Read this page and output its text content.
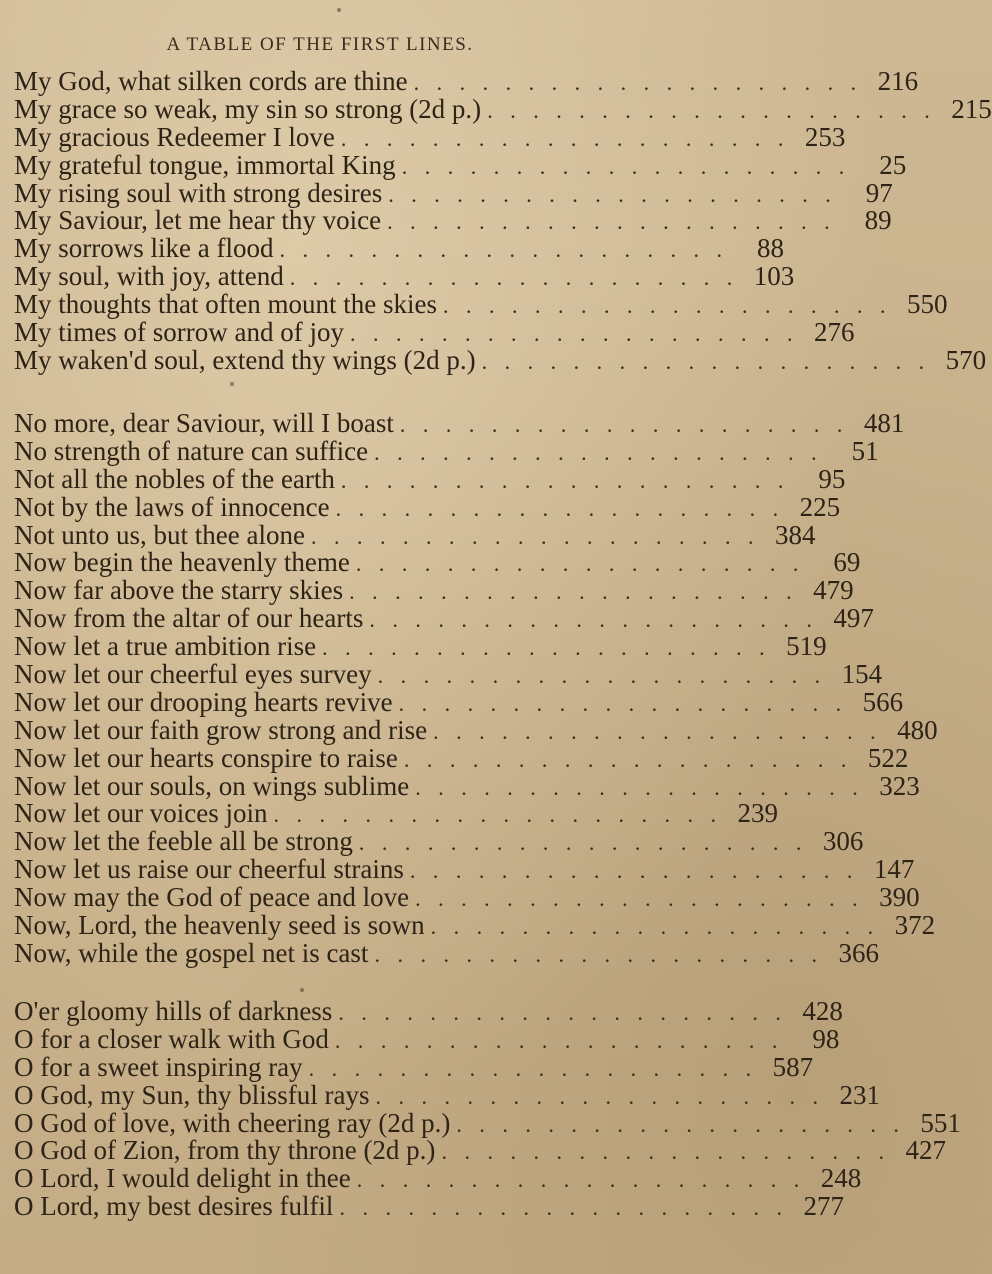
A TABLE OF THE FIRST LINES.
My God, what silken cords are thine . . . . . . . . . . . . . . . . . . . . 216
My grace so weak, my sin so strong (2d p.) . . . . . . . . . . . . . . . . . . . . 215
My gracious Redeemer I love . . . . . . . . . . . . . . . . . . . . 253
My grateful tongue, immortal King . . . . . . . . . . . . . . . . . . . .	25
My rising soul with strong desires . . . . . . . . . . . . . . . . . . . .	97
My Saviour, let me hear thy voice . . . . . . . . . . . . . . . . . . . .	89
My sorrows like a flood . . . . . . . . . . . . . . . . . . . .	88
My soul, with joy, attend . . . . . . . . . . . . . . . . . . . . 103
My thoughts that often mount the skies . . . . . . . . . . . . . . . . . . . . 550
My times of sorrow and of joy . . . . . . . . . . . . . . . . . . . . 276
My waken'd soul, extend thy wings (2d p.) . . . . . . . . . . . . . . . . . . . . 570
No more, dear Saviour, will I boast . . . . . . . . . . . . . . . . . . . . 481
No strength of nature can suffice . . . . . . . . . . . . . . . . . . . .	51
Not all the nobles of the earth . . . . . . . . . . . . . . . . . . . .	95
Not by the laws of innocence . . . . . . . . . . . . . . . . . . . . 225
Not unto us, but thee alone . . . . . . . . . . . . . . . . . . . . 384
Now begin the heavenly theme . . . . . . . . . . . . . . . . . . . .	69
Now far above the starry skies . . . . . . . . . . . . . . . . . . . . 479
Now from the altar of our hearts . . . . . . . . . . . . . . . . . . . . 497
Now let a true ambition rise . . . . . . . . . . . . . . . . . . . . 519
Now let our cheerful eyes survey . . . . . . . . . . . . . . . . . . . . 154
Now let our drooping hearts revive . . . . . . . . . . . . . . . . . . . . 566
Now let our faith grow strong and rise . . . . . . . . . . . . . . . . . . . . 480
Now let our hearts conspire to raise . . . . . . . . . . . . . . . . . . . . 522
Now let our souls, on wings sublime . . . . . . . . . . . . . . . . . . . . 323
Now let our voices join . . . . . . . . . . . . . . . . . . . . 239
Now let the feeble all be strong . . . . . . . . . . . . . . . . . . . . 306
Now let us raise our cheerful strains . . . . . . . . . . . . . . . . . . . . 147
Now may the God of peace and love . . . . . . . . . . . . . . . . . . . . 390
Now, Lord, the heavenly seed is sown . . . . . . . . . . . . . . . . . . . . 372
Now, while the gospel net is cast . . . . . . . . . . . . . . . . . . . . 366
O'er gloomy hills of darkness . . . . . . . . . . . . . . . . . . . . 428
O for a closer walk with God . . . . . . . . . . . . . . . . . . . .	98
O for a sweet inspiring ray . . . . . . . . . . . . . . . . . . . . 587
O God, my Sun, thy blissful rays . . . . . . . . . . . . . . . . . . . . 231
O God of love, with cheering ray (2d p.) . . . . . . . . . . . . . . . . . . . . 551
O God of Zion, from thy throne (2d p.) . . . . . . . . . . . . . . . . . . . . 427
O Lord, I would delight in thee . . . . . . . . . . . . . . . . . . . . 248
O Lord, my best desires fulfil . . . . . . . . . . . . . . . . . . . . 277
